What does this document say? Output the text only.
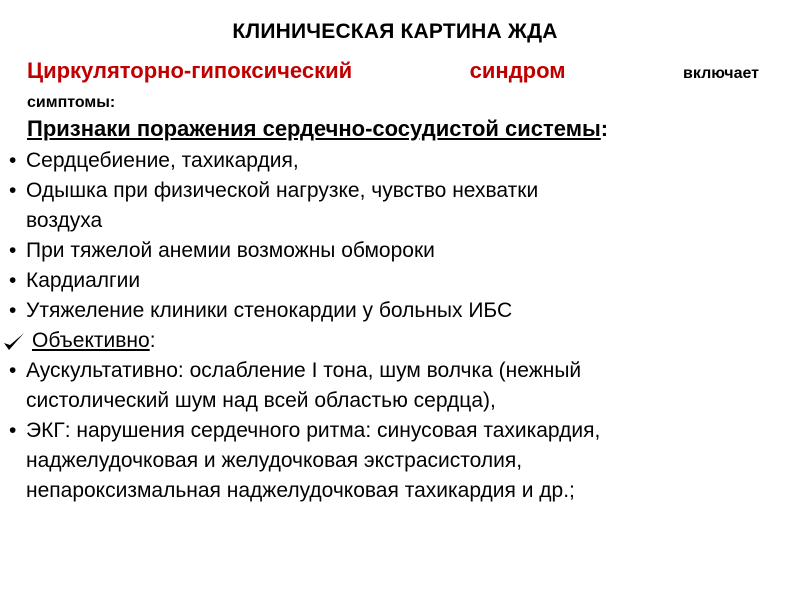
КЛИНИЧЕСКАЯ КАРТИНА ЖДА
Циркуляторно-гипоксический	синдром	включает
симптомы:
Признаки поражения сердечно-сосудистой системы:
• Сердцебиение, тахикардия,
• Одышка при физической нагрузке, чувство нехватки
воздуха
• При тяжелой анемии возможны обмороки
• Кардиалгии
• Утяжеление клиники стенокардии у больных ИБС
Объективно:
• Аускультативно: ослабление I тона, шум волчка (нежный
систолический шум над всей областью сердца),
• ЭКГ: нарушения сердечного ритма: синусовая тахикардия,
наджелудочковая и желудочковая экстрасистолия,
непароксизмальная наджелудочковая тахикардия и др.;
